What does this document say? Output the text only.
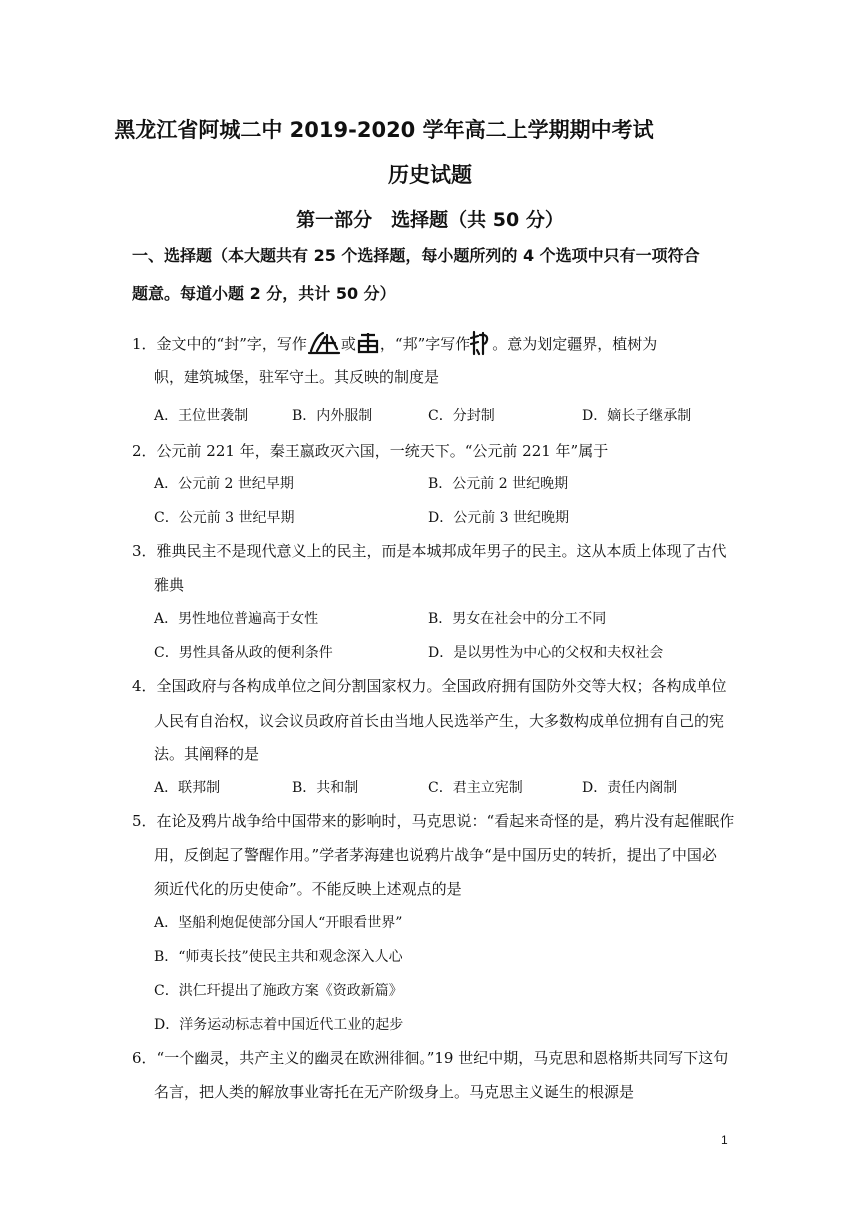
黑龙江省阿城二中 2019-2020 学年高二上学期期中考试
历史试题
第一部分　选择题（共 50 分）
一、选择题（本大题共有 25 个选择题，每小题所列的 4 个选项中只有一项符合
题意。每道小题 2 分，共计 50 分）
1．金文中的“封”字，写作 或 ，“邦”字写作 。意为划定疆界，植树为
帜，建筑城堡，驻军守土。其反映的制度是
A．王位世袭制	B．内外服制	C．分封制	D．嫡长子继承制
2．公元前 221 年，秦王嬴政灭六国，一统天下。“公元前 221 年”属于
A．公元前 2 世纪早期	B．公元前 2 世纪晚期
C．公元前 3 世纪早期	D．公元前 3 世纪晚期
3．雅典民主不是现代意义上的民主，而是本城邦成年男子的民主。这从本质上体现了古代
雅典
A．男性地位普遍高于女性	B．男女在社会中的分工不同
C．男性具备从政的便利条件	D．是以男性为中心的父权和夫权社会
4．全国政府与各构成单位之间分割国家权力。全国政府拥有国防外交等大权；各构成单位
人民有自治权，议会议员政府首长由当地人民选举产生，大多数构成单位拥有自己的宪
法。其阐释的是
A．联邦制	B．共和制	C．君主立宪制	D．责任内阁制
5．在论及鸦片战争给中国带来的影响时，马克思说：“看起来奇怪的是，鸦片没有起催眠作
用，反倒起了警醒作用。”学者茅海建也说鸦片战争“是中国历史的转折，提出了中国必
须近代化的历史使命”。不能反映上述观点的是
A．坚船利炮促使部分国人“开眼看世界”
B．“师夷长技”使民主共和观念深入人心
C．洪仁玕提出了施政方案《资政新篇》
D．洋务运动标志着中国近代工业的起步
6．“一个幽灵，共产主义的幽灵在欧洲徘徊。”19 世纪中期，马克思和恩格斯共同写下这句
名言，把人类的解放事业寄托在无产阶级身上。马克思主义诞生的根源是
1
